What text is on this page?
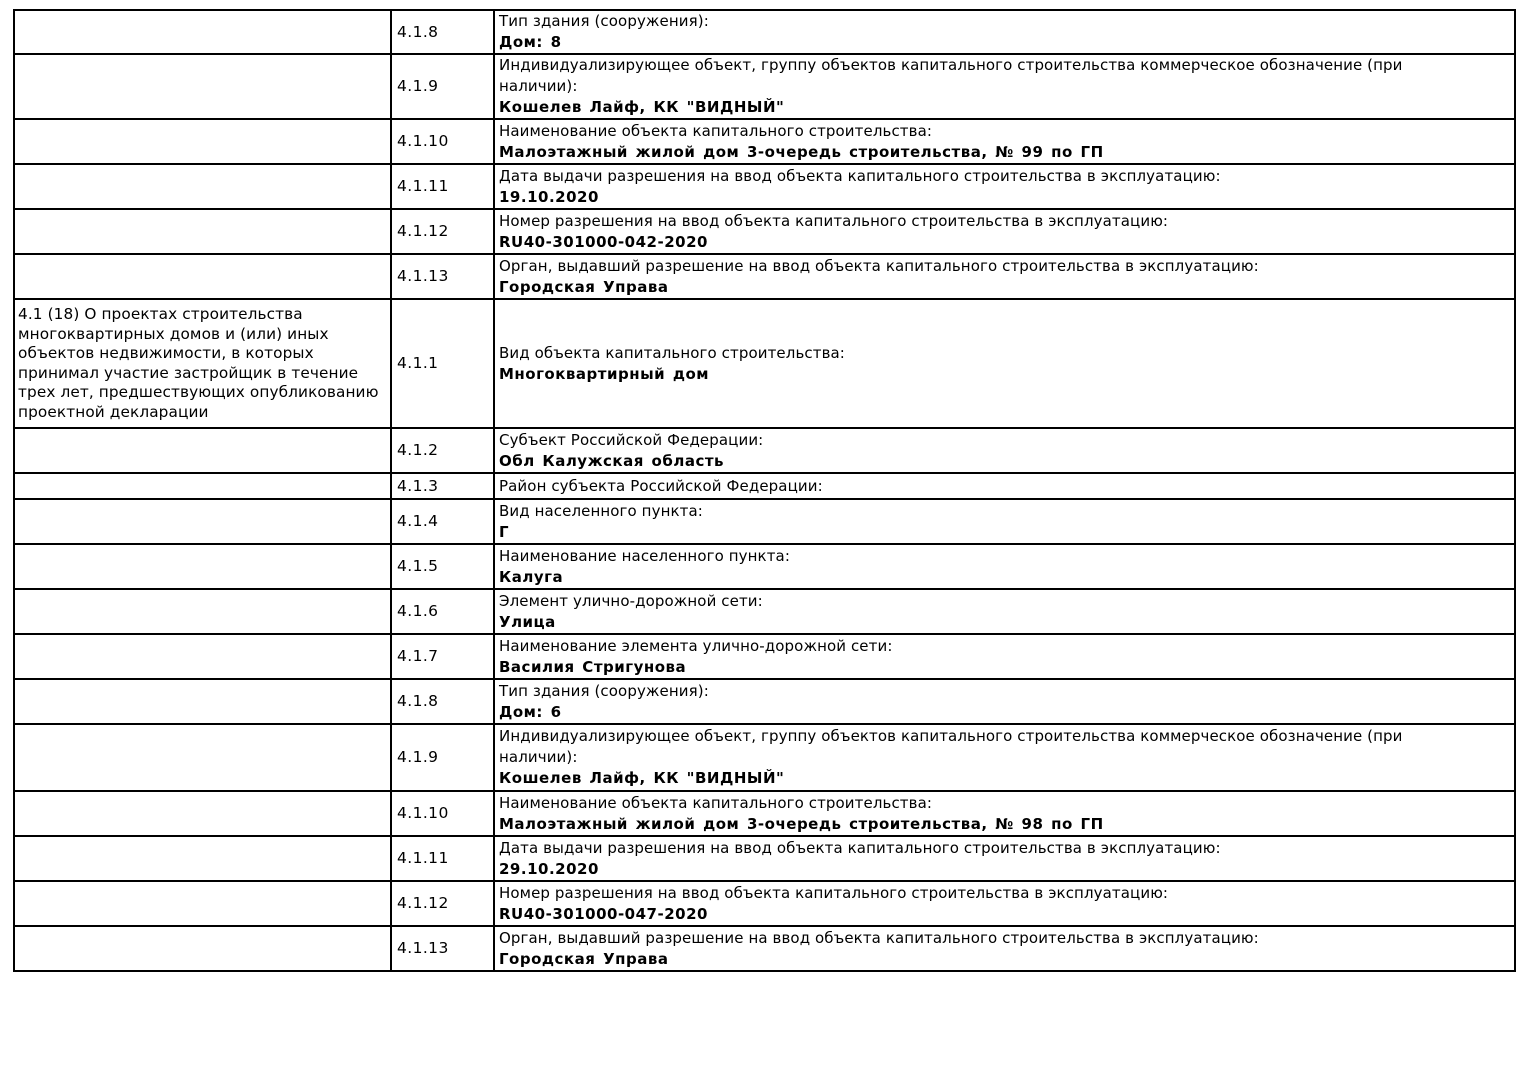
	4.1.8	Тип здания (сооружения):
Дом: 8

	4.1.9	Индивидуализирующее объект, группу объектов капитального строительства коммерческое обозначение (при наличии):
Кошелев Лайф, КК "ВИДНЫЙ"

	4.1.10	Наименование объекта капитального строительства:
Малоэтажный жилой дом 3-очередь строительства, № 99 по ГП

	4.1.11	Дата выдачи разрешения на ввод объекта капитального строительства в эксплуатацию:
19.10.2020

	4.1.12	Номер разрешения на ввод объекта капитального строительства в эксплуатацию:
RU40-301000-042-2020

	4.1.13	Орган, выдавший разрешение на ввод объекта капитального строительства в эксплуатацию:
Городская Управа

4.1 (18) О проектах строительства многоквартирных домов и (или) иных объектов недвижимости, в которых принимал участие застройщик в течение трех лет, предшествующих опубликованию проектной декларации	4.1.1	Вид объекта капитального строительства:
Многоквартирный дом

	4.1.2	Субъект Российской Федерации:
Обл Калужская область

	4.1.3	Район субъекта Российской Федерации:

	4.1.4	Вид населенного пункта:
Г

	4.1.5	Наименование населенного пункта:
Калуга

	4.1.6	Элемент улично-дорожной сети:
Улица

	4.1.7	Наименование элемента улично-дорожной сети:
Василия Стригунова

	4.1.8	Тип здания (сооружения):
Дом: 6

	4.1.9	Индивидуализирующее объект, группу объектов капитального строительства коммерческое обозначение (при наличии):
Кошелев Лайф, КК "ВИДНЫЙ"

	4.1.10	Наименование объекта капитального строительства:
Малоэтажный жилой дом 3-очередь строительства, № 98 по ГП

	4.1.11	Дата выдачи разрешения на ввод объекта капитального строительства в эксплуатацию:
29.10.2020

	4.1.12	Номер разрешения на ввод объекта капитального строительства в эксплуатацию:
RU40-301000-047-2020

	4.1.13	Орган, выдавший разрешение на ввод объекта капитального строительства в эксплуатацию:
Городская Управа
